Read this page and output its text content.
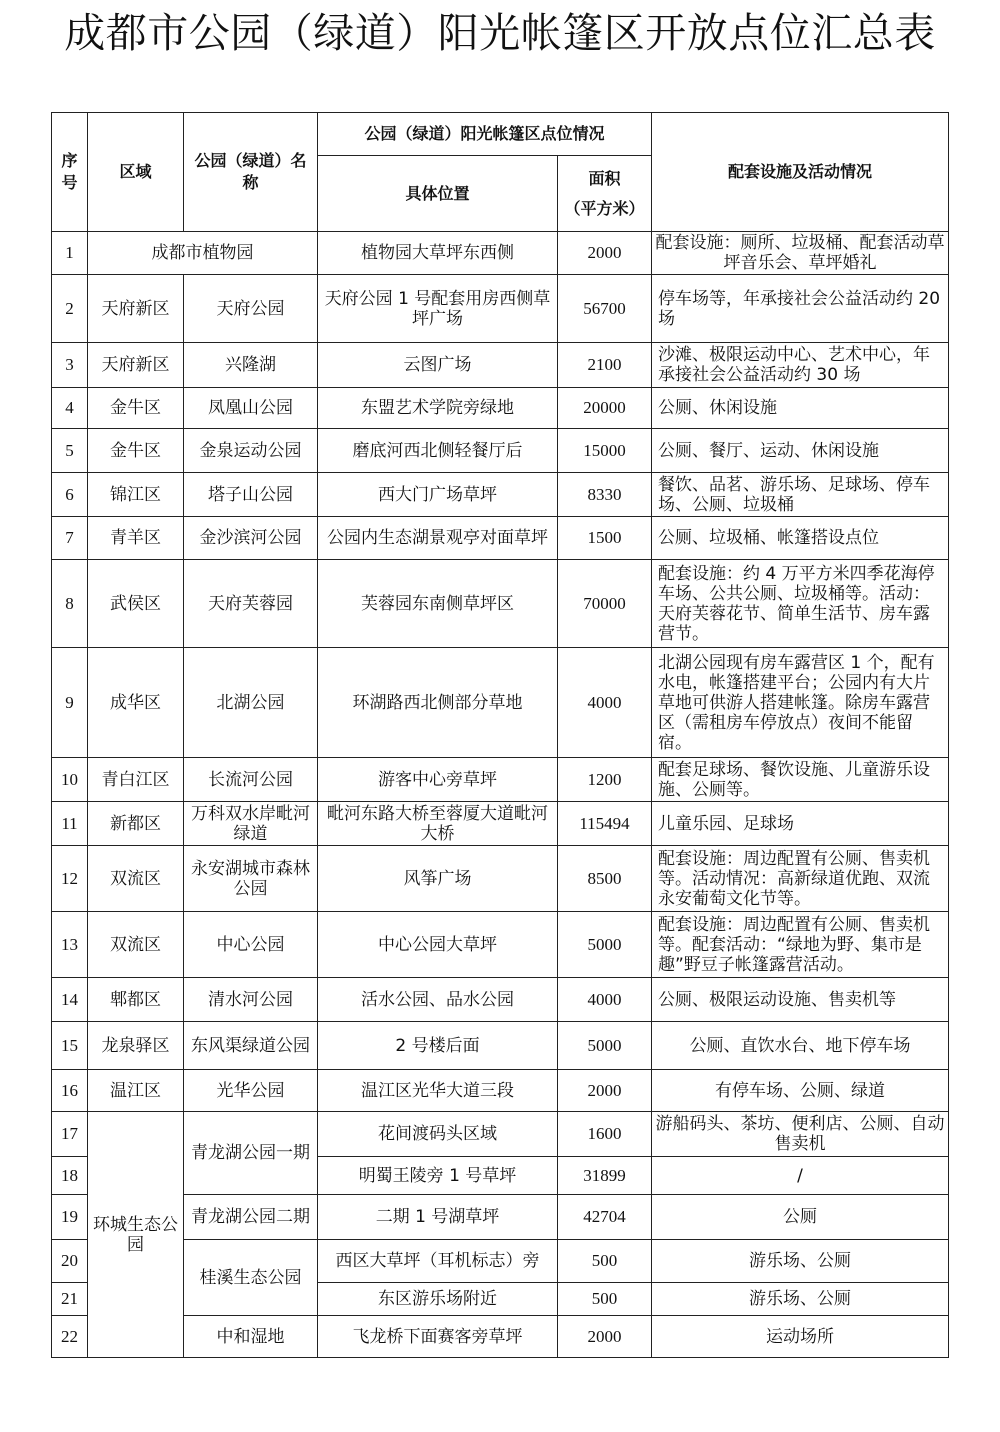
成都市公园（绿道）阳光帐篷区开放点位汇总表
序号	区域	公园（绿道）名称	公园（绿道）阳光帐篷区点位情况		配套设施及活动情况
			具体位置	面积
（平方米）	

1	成都市植物园		植物园大草坪东西侧	2000	配套设施：厕所、垃圾桶、配套活动草坪音乐会、草坪婚礼
2	天府新区	天府公园	天府公园 1 号配套用房西侧草坪广场	56700	停车场等，年承接社会公益活动约 20 场
3	天府新区	兴隆湖	云图广场	2100	沙滩、极限运动中心、艺术中心，年承接社会公益活动约 30 场
4	金牛区	凤凰山公园	东盟艺术学院旁绿地	20000	公厕、休闲设施
5	金牛区	金泉运动公园	磨底河西北侧轻餐厅后	15000	公厕、餐厅、运动、休闲设施
6	锦江区	塔子山公园	西大门广场草坪	8330	餐饮、品茗、游乐场、足球场、停车场、公厕、垃圾桶
7	青羊区	金沙滨河公园	公园内生态湖景观亭对面草坪	1500	公厕、垃圾桶、帐篷搭设点位
8	武侯区	天府芙蓉园	芙蓉园东南侧草坪区	70000	配套设施：约 4 万平方米四季花海停车场、公共公厕、垃圾桶等。活动：天府芙蓉花节、简单生活节、房车露营节。
9	成华区	北湖公园	环湖路西北侧部分草地	4000	北湖公园现有房车露营区 1 个，配有水电，帐篷搭建平台；公园内有大片草地可供游人搭建帐篷。除房车露营区（需租房车停放点）夜间不能留宿。
10	青白江区	长流河公园	游客中心旁草坪	1200	配套足球场、餐饮设施、儿童游乐设施、公厕等。
11	新都区	万科双水岸毗河绿道	毗河东路大桥至蓉厦大道毗河大桥	115494	儿童乐园、足球场
12	双流区	永安湖城市森林公园	风筝广场	8500	配套设施：周边配置有公厕、售卖机等。活动情况：高新绿道优跑、双流永安葡萄文化节等。
13	双流区	中心公园	中心公园大草坪	5000	配套设施：周边配置有公厕、售卖机等。配套活动：“绿地为野、集市是趣”野豆子帐篷露营活动。
14	郫都区	清水河公园	活水公园、品水公园	4000	公厕、极限运动设施、售卖机等
15	龙泉驿区	东风渠绿道公园	2 号楼后面	5000	公厕、直饮水台、地下停车场
16	温江区	光华公园	温江区光华大道三段	2000	有停车场、公厕、绿道
17	环城生态公园	青龙湖公园一期	花间渡码头区域	1600	游船码头、茶坊、便利店、公厕、自动售卖机
18			明蜀王陵旁 1 号草坪	31899	/
19		青龙湖公园二期	二期 1 号湖草坪	42704	公厕
20		桂溪生态公园	西区大草坪（耳机标志）旁	500	游乐场、公厕
21			东区游乐场附近	500	游乐场、公厕
22		中和湿地	飞龙桥下面赛客旁草坪	2000	运动场所
